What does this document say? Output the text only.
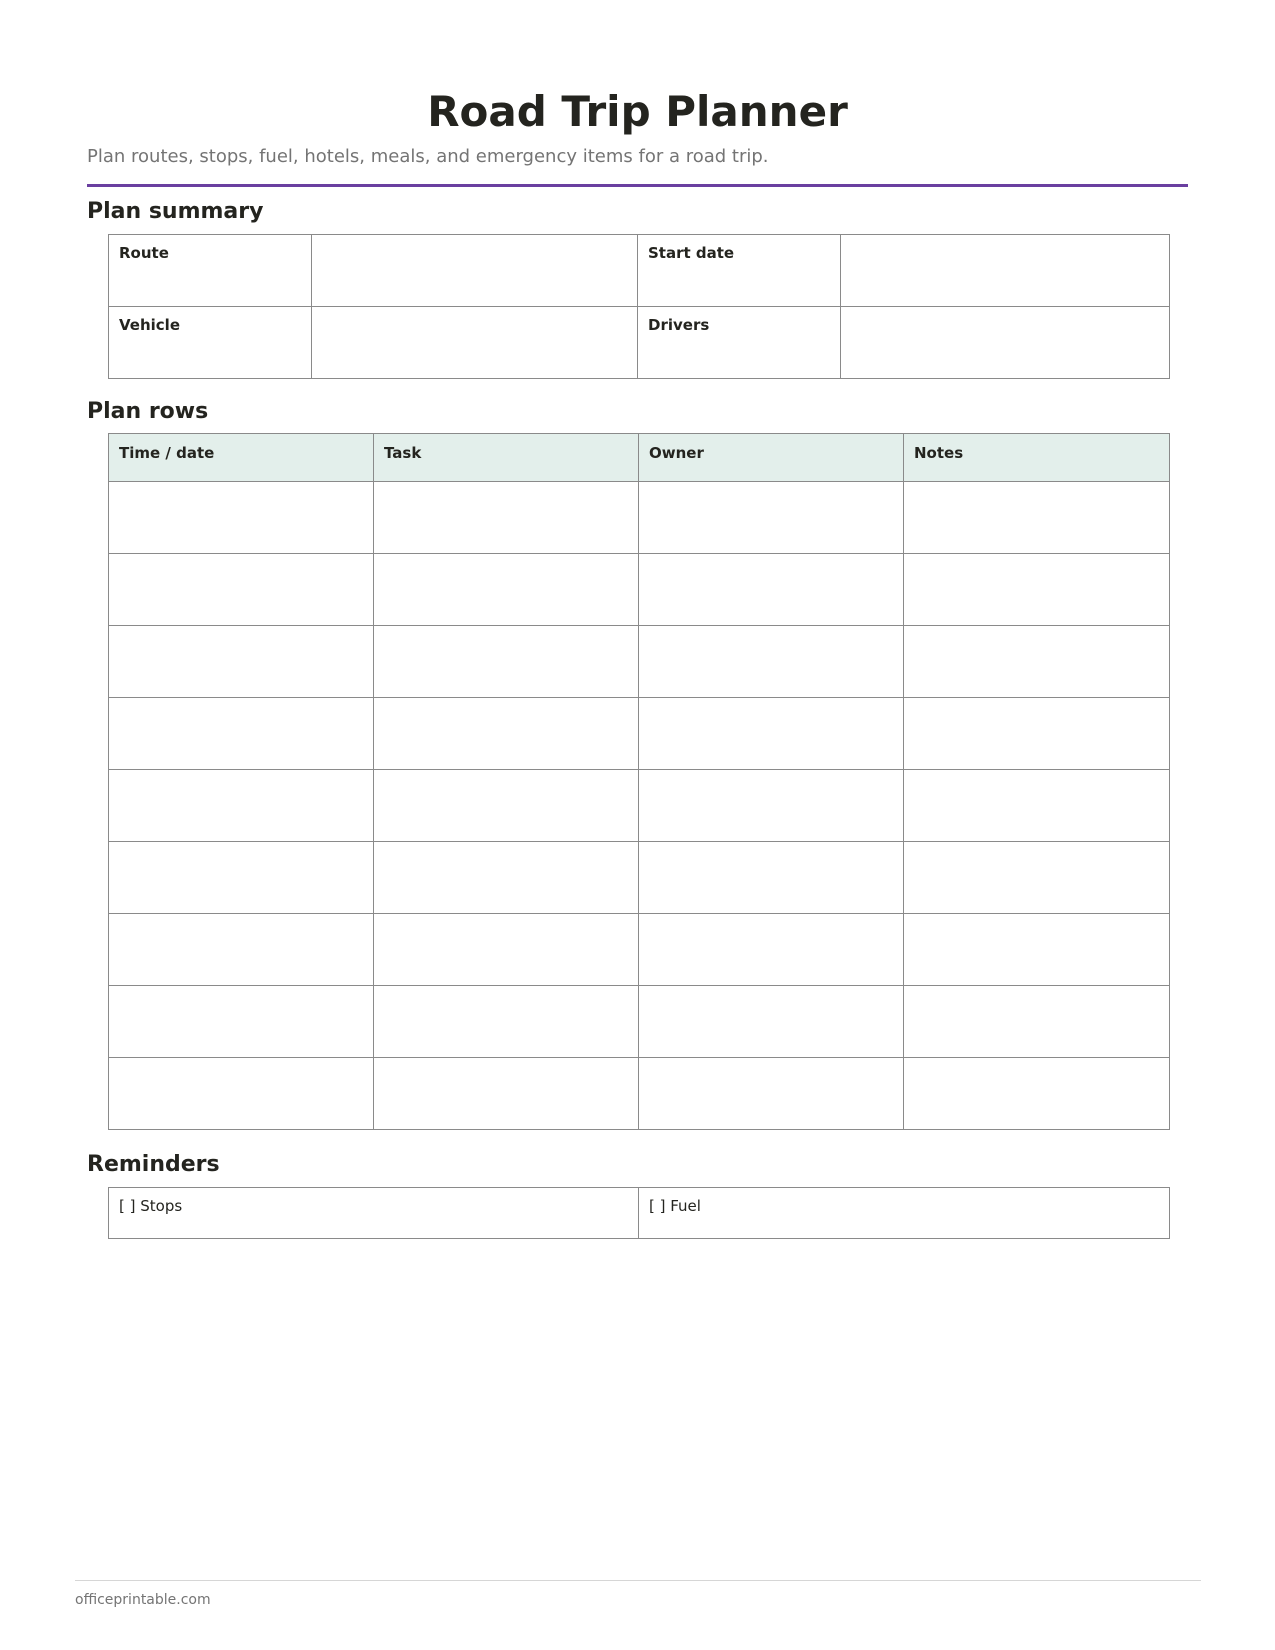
Road Trip Planner
Plan routes, stops, fuel, hotels, meals, and emergency items for a road trip.
Plan summary
Route		Start date	
Vehicle		Drivers	
Plan rows
Time / date	Task	Owner	Notes

Reminders
[ ] Stops	[ ] Fuel
officeprintable.com
